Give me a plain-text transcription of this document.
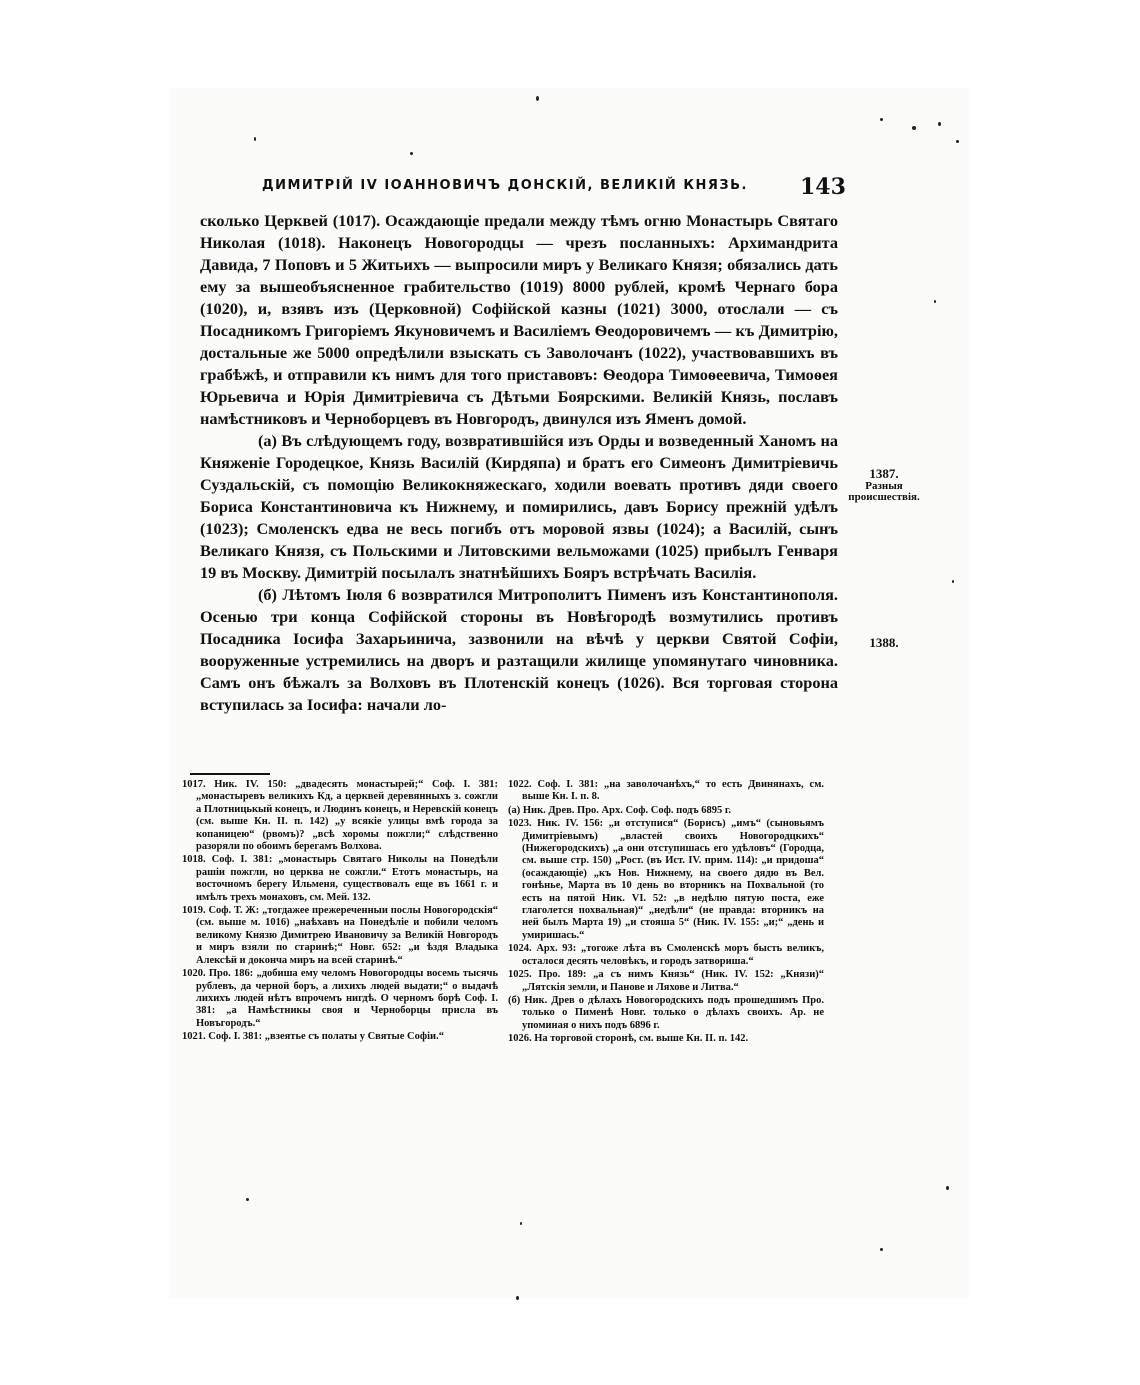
ДИМИТРІЙ IV ІОАННОВИЧЪ ДОНСКІЙ, ВЕЛИКІЙ КНЯЗЬ. 143

сколько Церквей (1017). Осаждающіе предали между тѣмъ огню Монастырь Святаго Николая (1018). Наконецъ Новогородцы — чрезъ посланныхъ: Архимандрита Давида, 7 Поповъ и 5 Житьихъ — выпросили миръ у Великаго Князя; обязались дать ему за вышеобъясненное грабительство (1019) 8000 рублей, кромѣ Чернаго бора (1020), и, взявъ изъ (Церковной) Софійской казны (1021) 3000, отослали — съ Посадникомъ Григоріемъ Якуновичемъ и Василіемъ Ѳеодоровичемъ — къ Димитрію, достальные же 5000 опредѣлили взыскать съ Заволочанъ (1022), участвовавшихъ въ грабѣжѣ, и отправили къ нимъ для того приставовъ: Ѳеодора Тимоѳеевича, Тимоѳея Юрьевича и Юрія Димитріевича съ Дѣтьми Боярскими. Великій Князь, пославъ намѣстниковъ и Черноборцевъ въ Новгородъ, двинулся изъ Яменъ домой.

(а) Въ слѣдующемъ году, возвратившійся изъ Орды и возведенный Ханомъ на Княженіе Городецкое, Князь Василій (Кирдяпа) и братъ его Симеонъ Димитріевичь Суздальскій, съ помощію Великокняжескаго, ходили воевать противъ дяди своего Бориса Константиновича къ Нижнему, и помирились, давъ Борису прежній удѣлъ (1023); Смоленскъ едва не весь погибъ отъ моровой язвы (1024); а Василій, сынъ Великаго Князя, съ Польскими и Литовскими вельможами (1025) прибылъ Генваря 19 въ Москву. Димитрій посылалъ знатнѣйшихъ Бояръ встрѣчать Василія.

(б) Лѣтомъ Іюля 6 возвратился Митрополитъ Пименъ изъ Константинополя. Осенью три конца Софійской стороны въ Новѣгородѣ возмутились противъ Посадника Іосифа Захарьинича, зазвонили на вѣчѣ у церкви Святой Софіи, вооруженные устремились на дворъ и разтащили жилище упомянутаго чиновника. Самъ онъ бѣжалъ за Волховъ въ Плотенскій конецъ (1026). Вся торговая сторона вступилась за Іосифа: начали ло-

1387.
Разныя происшествія.
1388.

1017. Ник. IV. 150: „двадесять монастырей;“ Соф. I. 381: „монастыревъ великихъ Кд, а церквей деревянныхъ з. сожгли а Плотницькый конецъ, и Людинъ конецъ, и Неревскій конецъ (см. выше Кн. II. п. 142) „у всякіе улицы вмѣ города за копаницею“ (рвомъ)? „всѣ хоромы пожгли;“ слѣдственно разоряли по обоимъ берегамъ Волхова.

1018. Соф. I. 381: „монастырь Святаго Николы на Понедѣли рашіи пожгли, но церква не сожгли.“ Етотъ монастырь, на восточномъ берегу Ильменя, существовалъ еще въ 1661 г. и имѣлъ трехъ монаховъ, см. Мей. 132.

1019. Соф. Т. Ж: „тогдажее прежереченныи послы Новогородскія“ (см. выше м. 1016) „наѣхавъ на Понедѣліе и побили челомъ великому Князю Димитрею Ивановичу за Великій Новгородъ и миръ взяли по старинѣ;“ Новг. 652: „и ѣздя Владыка Алексѣй и доконча миръ на всей старинѣ.“

1020. Про. 186: „добиша ему челомъ Новогородцы восемь тысячь рублевъ, да черной боръ, а лихихъ людей выдати;“ о выдачѣ лихихъ людей нѣтъ впрочемъ нигдѣ. О черномъ борѣ Соф. I. 381: „а Намѣстникы своя и Черноборцы присла въ Новъгородъ.“

1021. Соф. I. 381: „взеятье съ полаты у Святые Софіи.“

1022. Соф. I. 381: „на заволочанѣхъ,“ то есть Двинянахъ, см. выше Кн. I. п. 8.

(а) Ник. Древ. Про. Арх. Соф. Соф. подъ 6895 г.

1023. Ник. IV. 156: „и отступися“ (Борисъ) „имъ“ (сыновьямъ Димитріевымъ) „властей своихъ Новогородцкихъ“ (Нижегородскихъ) „а они отступишась его удѣловъ“ (Городца, см. выше стр. 150) „Рост. (въ Ист. IV. прим. 114): „и придоша“ (осаждающіе) „къ Нов. Нижнему, на своего дядю въ Вел. гонѣнье, Марта въ 10 день во вторникъ на Похвальной (то есть на пятой Ник. VI. 52: „в недѣлю пятую поста, еже глаголется похвальная)“ „недѣли“ (не правда: вторникъ на ней былъ Марта 19) „и стояша 5“ (Ник. IV. 155: „и;“ „день и умиришась.“

1024. Арх. 93: „тогоже лѣта въ Смоленскѣ моръ бысть великъ, осталося десять человѣкъ, и городъ затвориша.“

1025. Про. 189: „а съ нимъ Князь“ (Ник. IV. 152: „Князи)“ „Лятскія земли, и Панове и Ляхове и Литва.“

(б) Ник. Древ о дѣлахъ Новогородскихъ подъ прошедшимъ Про. только о Пименѣ Новг. только о дѣлахъ своихъ. Ар. не упоминая о нихъ подъ 6896 г.

1026. На торговой сторонѣ, см. выше Кн. II. п. 142.
